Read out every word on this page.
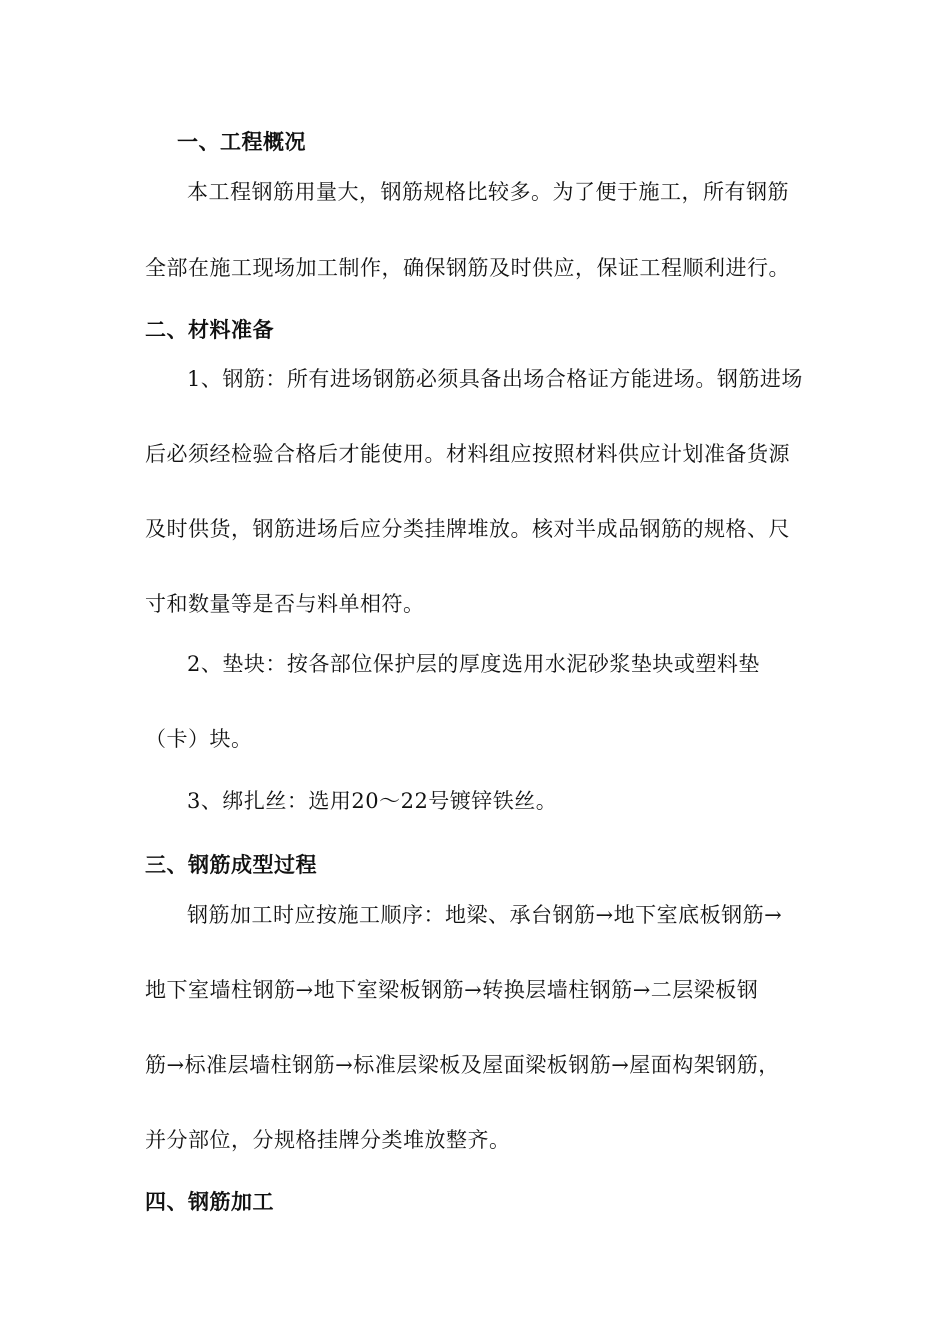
一、工程概况
本工程钢筋用量大，钢筋规格比较多。为了便于施工，所有钢筋
全部在施工现场加工制作，确保钢筋及时供应，保证工程顺利进行。
二、材料准备
1、钢筋：所有进场钢筋必须具备出场合格证方能进场。钢筋进场
后必须经检验合格后才能使用。材料组应按照材料供应计划准备货源
及时供货，钢筋进场后应分类挂牌堆放。核对半成品钢筋的规格、尺
寸和数量等是否与料单相符。
2、垫块：按各部位保护层的厚度选用水泥砂浆垫块或塑料垫
（卡）块。
3、绑扎丝：选用20～22号镀锌铁丝。
三、钢筋成型过程
钢筋加工时应按施工顺序：地梁、承台钢筋→地下室底板钢筋→
地下室墙柱钢筋→地下室梁板钢筋→转换层墙柱钢筋→二层梁板钢
筋→标准层墙柱钢筋→标准层梁板及屋面梁板钢筋→屋面构架钢筋，
并分部位，分规格挂牌分类堆放整齐。
四、钢筋加工
